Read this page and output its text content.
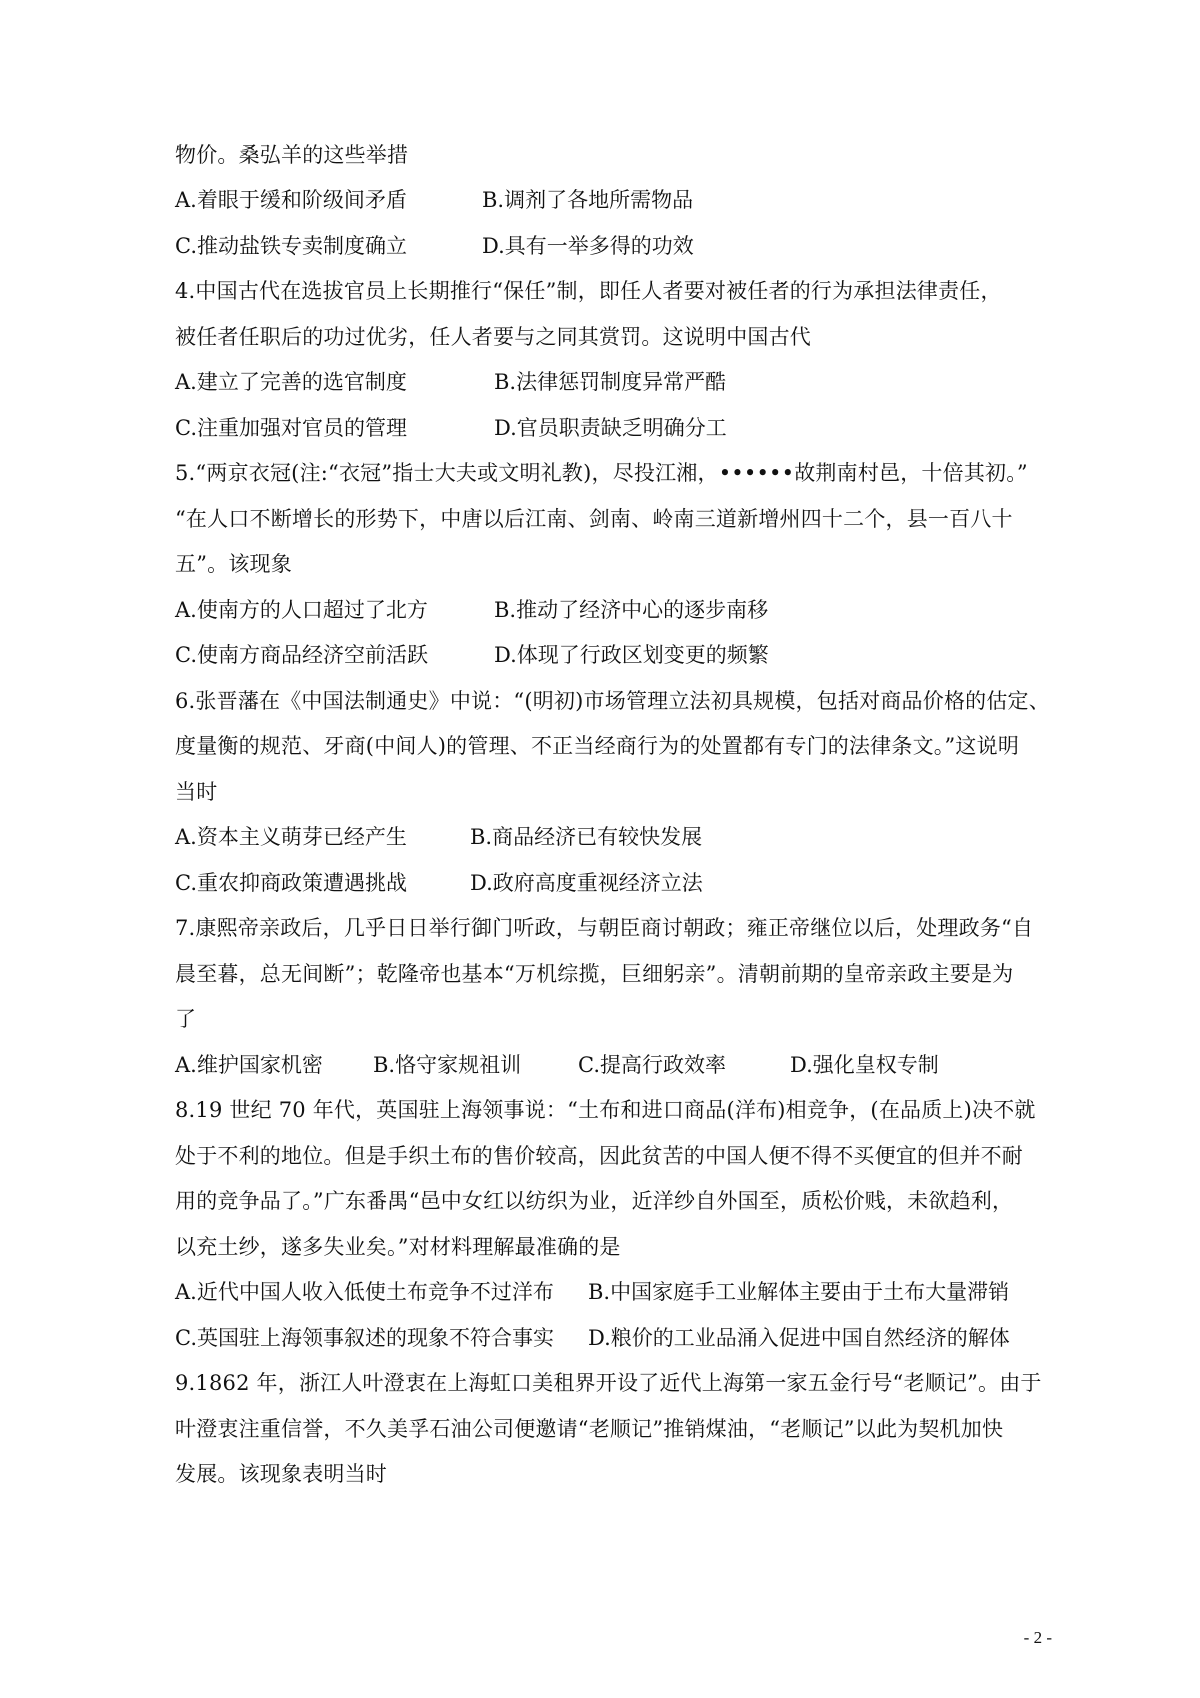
物价。桑弘羊的这些举措
A.着眼于缓和阶级间矛盾	B.调剂了各地所需物品
C.推动盐铁专卖制度确立	D.具有一举多得的功效
4.中国古代在选拔官员上长期推行“保任”制，即任人者要对被任者的行为承担法律责任，
被任者任职后的功过优劣，任人者要与之同其赏罚。这说明中国古代
A.建立了完善的选官制度	B.法律惩罚制度异常严酷
C.注重加强对官员的管理	D.官员职责缺乏明确分工
5.“两京衣冠(注:“衣冠”指士大夫或文明礼教)，尽投江湘，••••••故荆南村邑，十倍其初。”
“在人口不断增长的形势下，中唐以后江南、剑南、岭南三道新增州四十二个，县一百八十
五”。该现象
A.使南方的人口超过了北方	B.推动了经济中心的逐步南移
C.使南方商品经济空前活跃	D.体现了行政区划变更的频繁
6.张晋藩在《中国法制通史》中说：“(明初)市场管理立法初具规模，包括对商品价格的估定、
度量衡的规范、牙商(中间人)的管理、不正当经商行为的处置都有专门的法律条文。”这说明
当时
A.资本主义萌芽已经产生	B.商品经济已有较快发展
C.重农抑商政策遭遇挑战	D.政府高度重视经济立法
7.康熙帝亲政后，几乎日日举行御门听政，与朝臣商讨朝政；雍正帝继位以后，处理政务“自
晨至暮，总无间断”；乾隆帝也基本“万机综揽，巨细躬亲”。清朝前期的皇帝亲政主要是为
了
A.维护国家机密 B.恪守家规祖训	C.提高行政效率	D.强化皇权专制
8.19 世纪 70 年代，英国驻上海领事说：“土布和进口商品(洋布)相竞争，(在品质上)决不就
处于不利的地位。但是手织土布的售价较高，因此贫苦的中国人便不得不买便宜的但并不耐
用的竞争品了。”广东番禺“邑中女红以纺织为业，近洋纱自外国至，质松价贱，未欲趋利，
以充土纱，遂多失业矣。”对材料理解最准确的是
A.近代中国人收入低使土布竞争不过洋布 B.中国家庭手工业解体主要由于土布大量滞销
C.英国驻上海领事叙述的现象不符合事实 D.粮价的工业品涌入促进中国自然经济的解体
9.1862 年，浙江人叶澄衷在上海虹口美租界开设了近代上海第一家五金行号“老顺记”。由于
叶澄衷注重信誉，不久美孚石油公司便邀请“老顺记”推销煤油，“老顺记”以此为契机加快
发展。该现象表明当时
- 2 -
